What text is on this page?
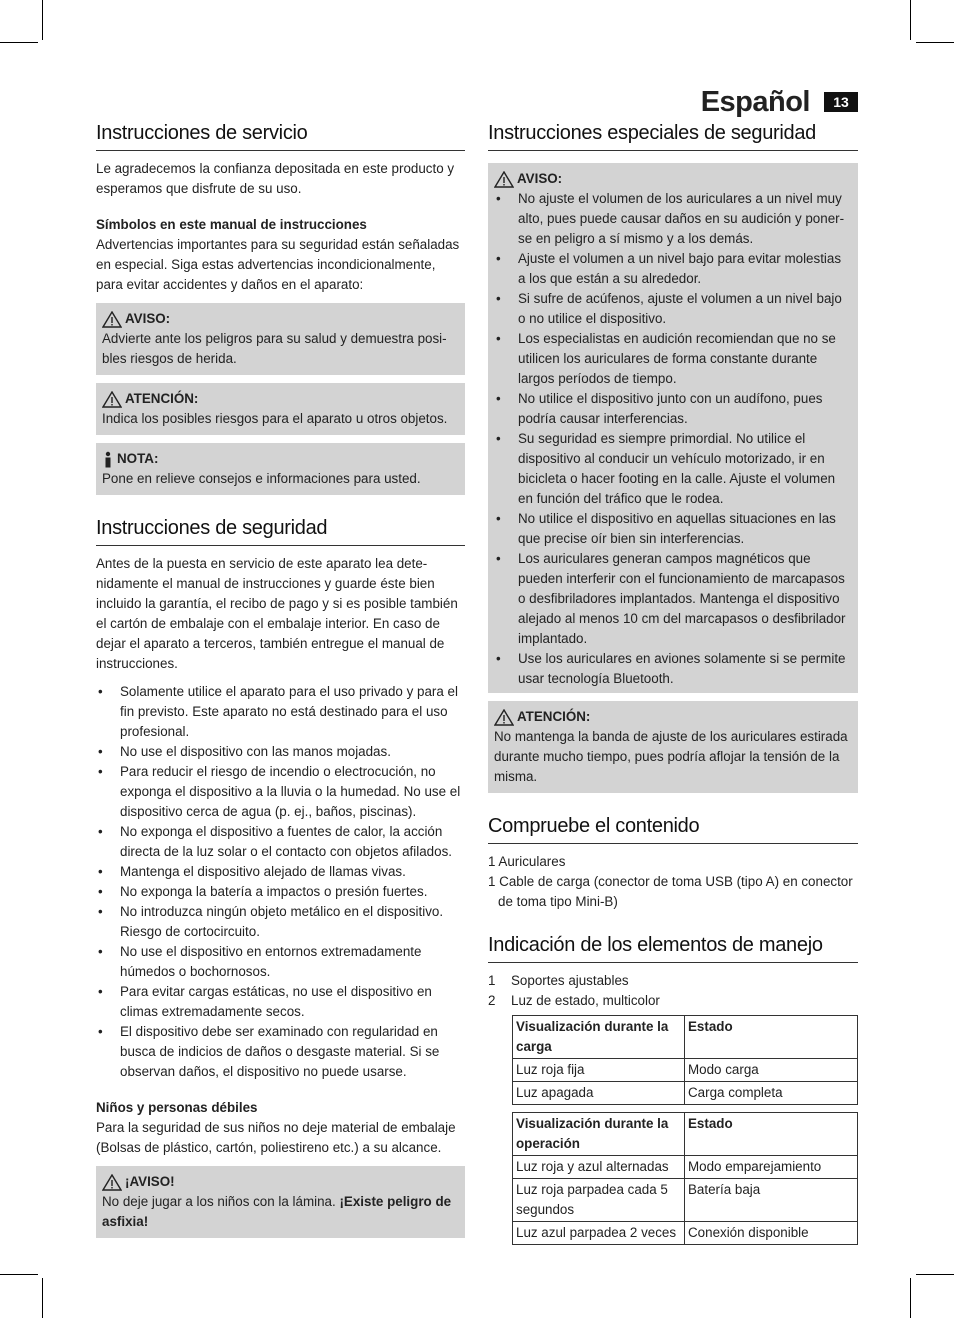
Español	13
Instrucciones de servicio

Le agradecemos la confianza depositada en este producto y esperamos que disfrute de su uso.

Símbolos en este manual de instrucciones

Advertencias importantes para su seguridad están señaladas en especial. Siga estas advertencias incondicionalmente, para evitar accidentes y daños en el aparato:

AVISO:
Advierte ante los peligros para su salud y demuestra posi-bles riesgos de herida.
ATENCIÓN:
Indica los posibles riesgos para el aparato u otros objetos.
NOTA:
Pone en relieve consejos e informaciones para usted.
Instrucciones de seguridad

Antes de la puesta en servicio de este aparato lea dete-nidamente el manual de instrucciones y guarde éste bien incluido la garantía, el recibo de pago y si es posible también el cartón de embalaje con el embalaje interior. En caso de dejar el aparato a terceros, también entregue el manual de instrucciones.

• Solamente utilice el aparato para el uso privado y para el fin previsto. Este aparato no está destinado para el uso profesional.
• No use el dispositivo con las manos mojadas.
• Para reducir el riesgo de incendio o electrocución, no exponga el dispositivo a la lluvia o la humedad. No use el dispositivo cerca de agua (p. ej., baños, piscinas).
• No exponga el dispositivo a fuentes de calor, la acción directa de la luz solar o el contacto con objetos afilados.
• Mantenga el dispositivo alejado de llamas vivas.
• No exponga la batería a impactos o presión fuertes.
• No introduzca ningún objeto metálico en el dispositivo. Riesgo de cortocircuito.
• No use el dispositivo en entornos extremadamente húmedos o bochornosos.
• Para evitar cargas estáticas, no use el dispositivo en climas extremadamente secos.
• El dispositivo debe ser examinado con regularidad en busca de indicios de daños o desgaste material. Si se observan daños, el dispositivo no puede usarse.

Niños y personas débiles

Para la seguridad de sus niños no deje material de embalaje (Bolsas de plástico, cartón, poliestireno etc.) a su alcance.

¡AVISO!
No deje jugar a los niños con la lámina. ¡Existe peligro de asfixia!
Instrucciones especiales de seguridad
AVISO:
• No ajuste el volumen de los auriculares a un nivel muy alto, pues puede causar daños en su audición y poner-se en peligro a sí mismo y a los demás.
• Ajuste el volumen a un nivel bajo para evitar molestias a los que están a su alrededor.
• Si sufre de acúfenos, ajuste el volumen a un nivel bajo o no utilice el dispositivo.
• Los especialistas en audición recomiendan que no se utilicen los auriculares de forma constante durante largos períodos de tiempo.
• No utilice el dispositivo junto con un audífono, pues podría causar interferencias.
• Su seguridad es siempre primordial. No utilice el dispositivo al conducir un vehículo motorizado, ir en bicicleta o hacer footing en la calle. Ajuste el volumen en función del tráfico que le rodea.
• No utilice el dispositivo en aquellas situaciones en las que precise oír bien sin interferencias.
• Los auriculares generan campos magnéticos que pueden interferir con el funcionamiento de marcapasos o desfibriladores implantados. Mantenga el dispositivo alejado al menos 10 cm del marcapasos o desfibrilador implantado.
• Use los auriculares en aviones solamente si se permite usar tecnología Bluetooth.
ATENCIÓN:
No mantenga la banda de ajuste de los auriculares estirada durante mucho tiempo, pues podría aflojar la tensión de la misma.
Compruebe el contenido
1 Auriculares
1 Cable de carga (conector de toma USB (tipo A) en conector de toma tipo Mini-B)
Indicación de los elementos de manejo
1	Soportes ajustables
2	Luz de estado, multicolor
Visualización durante la carga	Estado
Luz roja fija	Modo carga
Luz apagada	Carga completa
Visualización durante la operación	Estado
Luz roja y azul alternadas	Modo emparejamiento
Luz roja parpadea cada 5 segundos	Batería baja
Luz azul parpadea 2 veces	Conexión disponible
